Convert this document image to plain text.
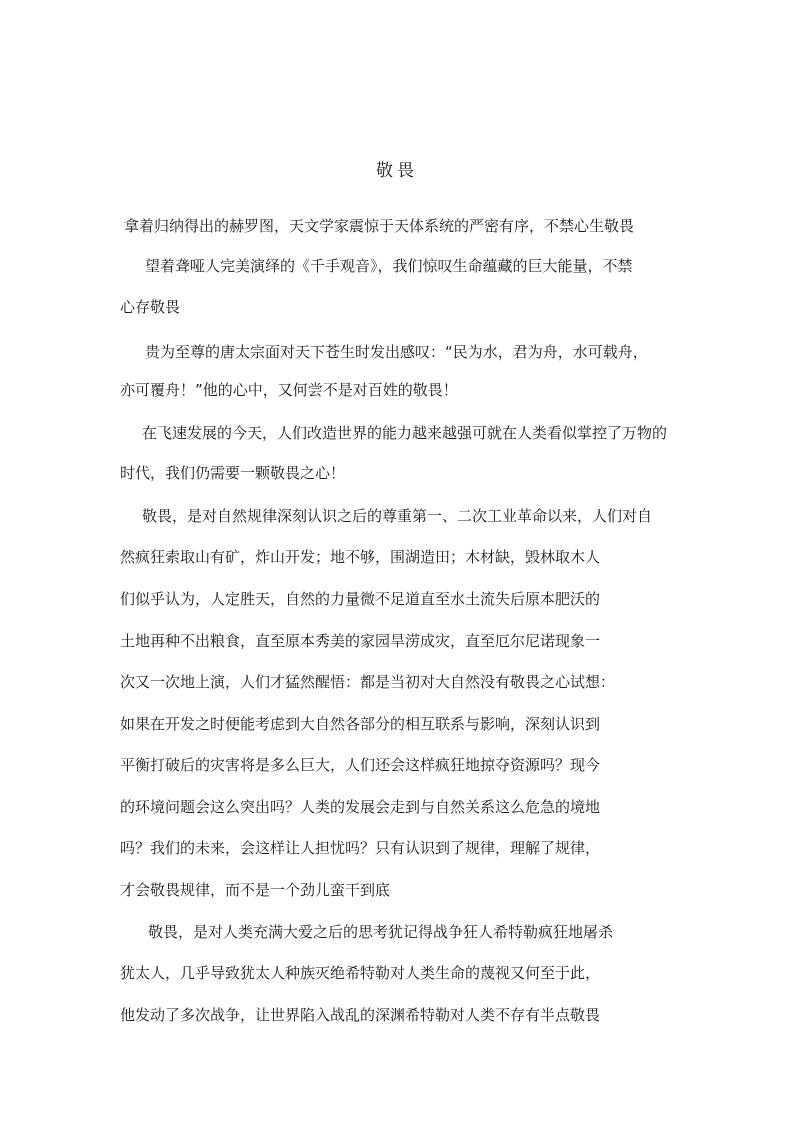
敬畏
拿着归纳得出的赫罗图，天文学家震惊于天体系统的严密有序，不禁心生敬畏
望着聋哑人完美演绎的《千手观音》，我们惊叹生命蕴藏的巨大能量，不禁
心存敬畏
贵为至尊的唐太宗面对天下苍生时发出感叹：“民为水，君为舟，水可载舟，
亦可覆舟！”他的心中，又何尝不是对百姓的敬畏！
在飞速发展的今天，人们改造世界的能力越来越强可就在人类看似掌控了万物的
时代，我们仍需要一颗敬畏之心！
敬畏，是对自然规律深刻认识之后的尊重第一、二次工业革命以来，人们对自
然疯狂索取山有矿，炸山开发；地不够，围湖造田；木材缺，毁林取木人
们似乎认为，人定胜天，自然的力量微不足道直至水土流失后原本肥沃的
土地再种不出粮食，直至原本秀美的家园旱涝成灾，直至厄尔尼诺现象一
次又一次地上演，人们才猛然醒悟：都是当初对大自然没有敬畏之心试想：
如果在开发之时便能考虑到大自然各部分的相互联系与影响，深刻认识到
平衡打破后的灾害将是多么巨大，人们还会这样疯狂地掠夺资源吗？现今
的环境问题会这么突出吗？人类的发展会走到与自然关系这么危急的境地
吗？我们的未来，会这样让人担忧吗？只有认识到了规律，理解了规律，
才会敬畏规律，而不是一个劲儿蛮干到底
敬畏，是对人类充满大爱之后的思考犹记得战争狂人希特勒疯狂地屠杀
犹太人，几乎导致犹太人种族灭绝希特勒对人类生命的蔑视又何至于此，
他发动了多次战争，让世界陷入战乱的深渊希特勒对人类不存有半点敬畏
